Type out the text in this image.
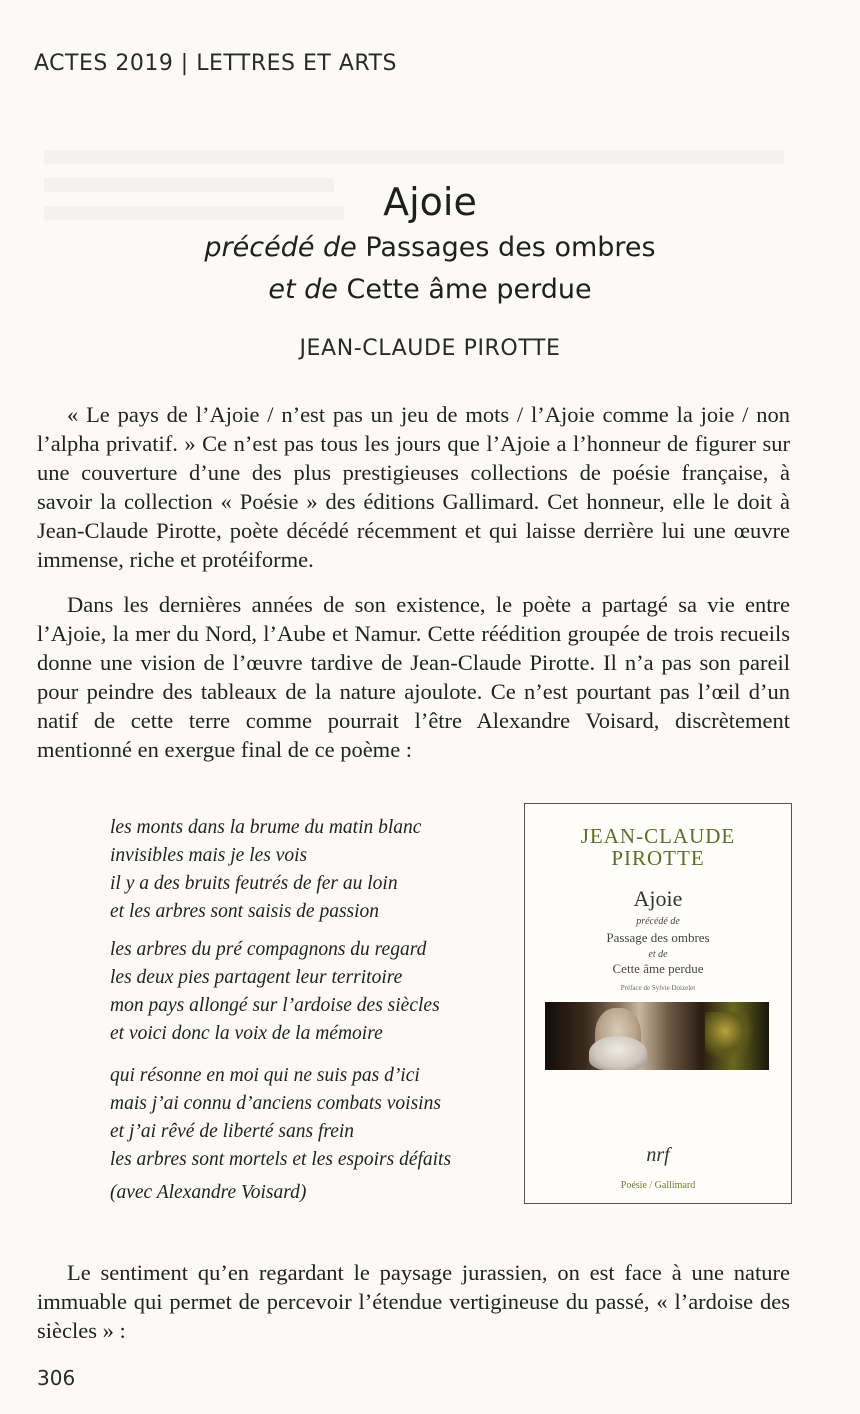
ACTES 2019 | LETTRES ET ARTS
Ajoie
précédé de Passages des ombres
et de Cette âme perdue
JEAN-CLAUDE PIROTTE

« Le pays de l’Ajoie / n’est pas un jeu de mots / l’Ajoie comme la joie / non l’alpha privatif. » Ce n’est pas tous les jours que l’Ajoie a l’honneur de figurer sur une couverture d’une des plus prestigieuses collections de poésie française, à savoir la collection « Poésie » des éditions Gallimard. Cet honneur, elle le doit à Jean-Claude Pirotte, poète décédé récemment et qui laisse derrière lui une œuvre immense, riche et protéiforme.

Dans les dernières années de son existence, le poète a partagé sa vie entre l’Ajoie, la mer du Nord, l’Aube et Namur. Cette réédition groupée de trois recueils donne une vision de l’œuvre tardive de Jean-Claude Pirotte. Il n’a pas son pareil pour peindre des tableaux de la nature ajoulote. Ce n’est pourtant pas l’œil d’un natif de cette terre comme pourrait l’être Alexandre Voisard, discrètement mentionné en exergue final de ce poème :

les monts dans la brume du matin blanc
invisibles mais je les vois
il y a des bruits feutrés de fer au loin
et les arbres sont saisis de passion
les arbres du pré compagnons du regard
les deux pies partagent leur territoire
mon pays allongé sur l’ardoise des siècles
et voici donc la voix de la mémoire
qui résonne en moi qui ne suis pas d’ici
mais j’ai connu d’anciens combats voisins
et j’ai rêvé de liberté sans frein
les arbres sont mortels et les espoirs défaits
(avec Alexandre Voisard)
JEAN-CLAUDE
PIROTTE
Ajoie
précédé de
Passage des ombres
et de
Cette âme perdue
Préface de Sylvie Doizelet
nrf
Poésie / Gallimard

Le sentiment qu’en regardant le paysage jurassien, on est face à une nature immuable qui permet de percevoir l’étendue vertigineuse du passé, « l’ardoise des siècles » :

306
